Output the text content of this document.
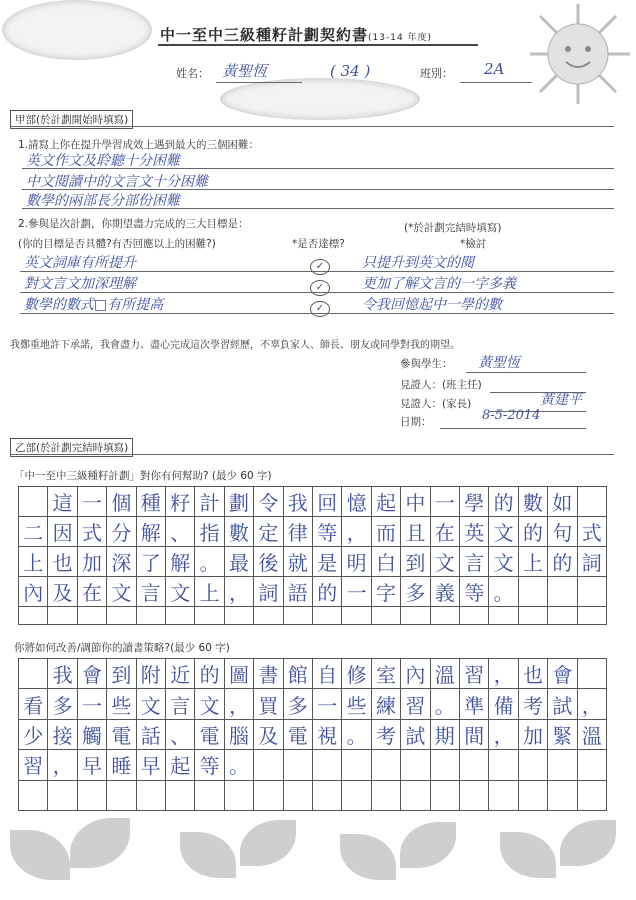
中一至中三級種籽計劃契約書(13-14 年度)
姓名： 黃聖恆	( 34 )	班別： 2A
甲部(於計劃開始時填寫)
1.請寫上你在提升學習成效上遇到最大的三個困難：
英文作文及聆聽十分困難
中文閱讀中的文言文十分困難
數學的兩部長分部份困難
2.參與是次計劃，你期望盡力完成的三大目標是：	(*於計劃完結時填寫)
(你的目標是否具體?有否回應以上的困難?)	*是否達標?	*檢討
英文詞庫有所提升	✓	只提升到英文的閱
對文言文加深理解	✓	更加了解文言的一字多義
數學的數式□有所提高	✓	令我回憶起中一學的數
我鄭重地許下承諾，我會盡力、盡心完成這次學習經歷，不辜負家人、師長、朋友或同學對我的期望。
參與學生： 黃聖恆
見證人：(班主任)
見證人：(家長)	黃建平
日期：	8-5-2014
乙部(於計劃完結時填寫)
「中一至中三級種籽計劃」對你有何幫助? (最少 60 字)
這 一 個 種 籽 計 劃 令 我 回 憶 起 中 一 學 的 數 如
二 因 式 分 解 、 指 數 定 律 等 ， 而 且 在 英 文 的 句 式
上 也 加 深 了 解 。 最 後 就 是 明 白 到 文 言 文 上 的 詞
內 及 在 文 言 文 上 ， 詞 語 的 一 字 多 義 等 。
你將如何改善/調節你的讀書策略?(最少 60 字)
我 會 到 附 近 的 圖 書 館 自 修 室 內 溫 習 ， 也 會
看 多 一 些 文 言 文 ， 買 多 一 些 練 習 。 準 備 考 試 ，
少 接 觸 電 話 、 電 腦 及 電 視 。 考 試 期 間 ， 加 緊 溫
習 ， 早 睡 早 起 等 。
